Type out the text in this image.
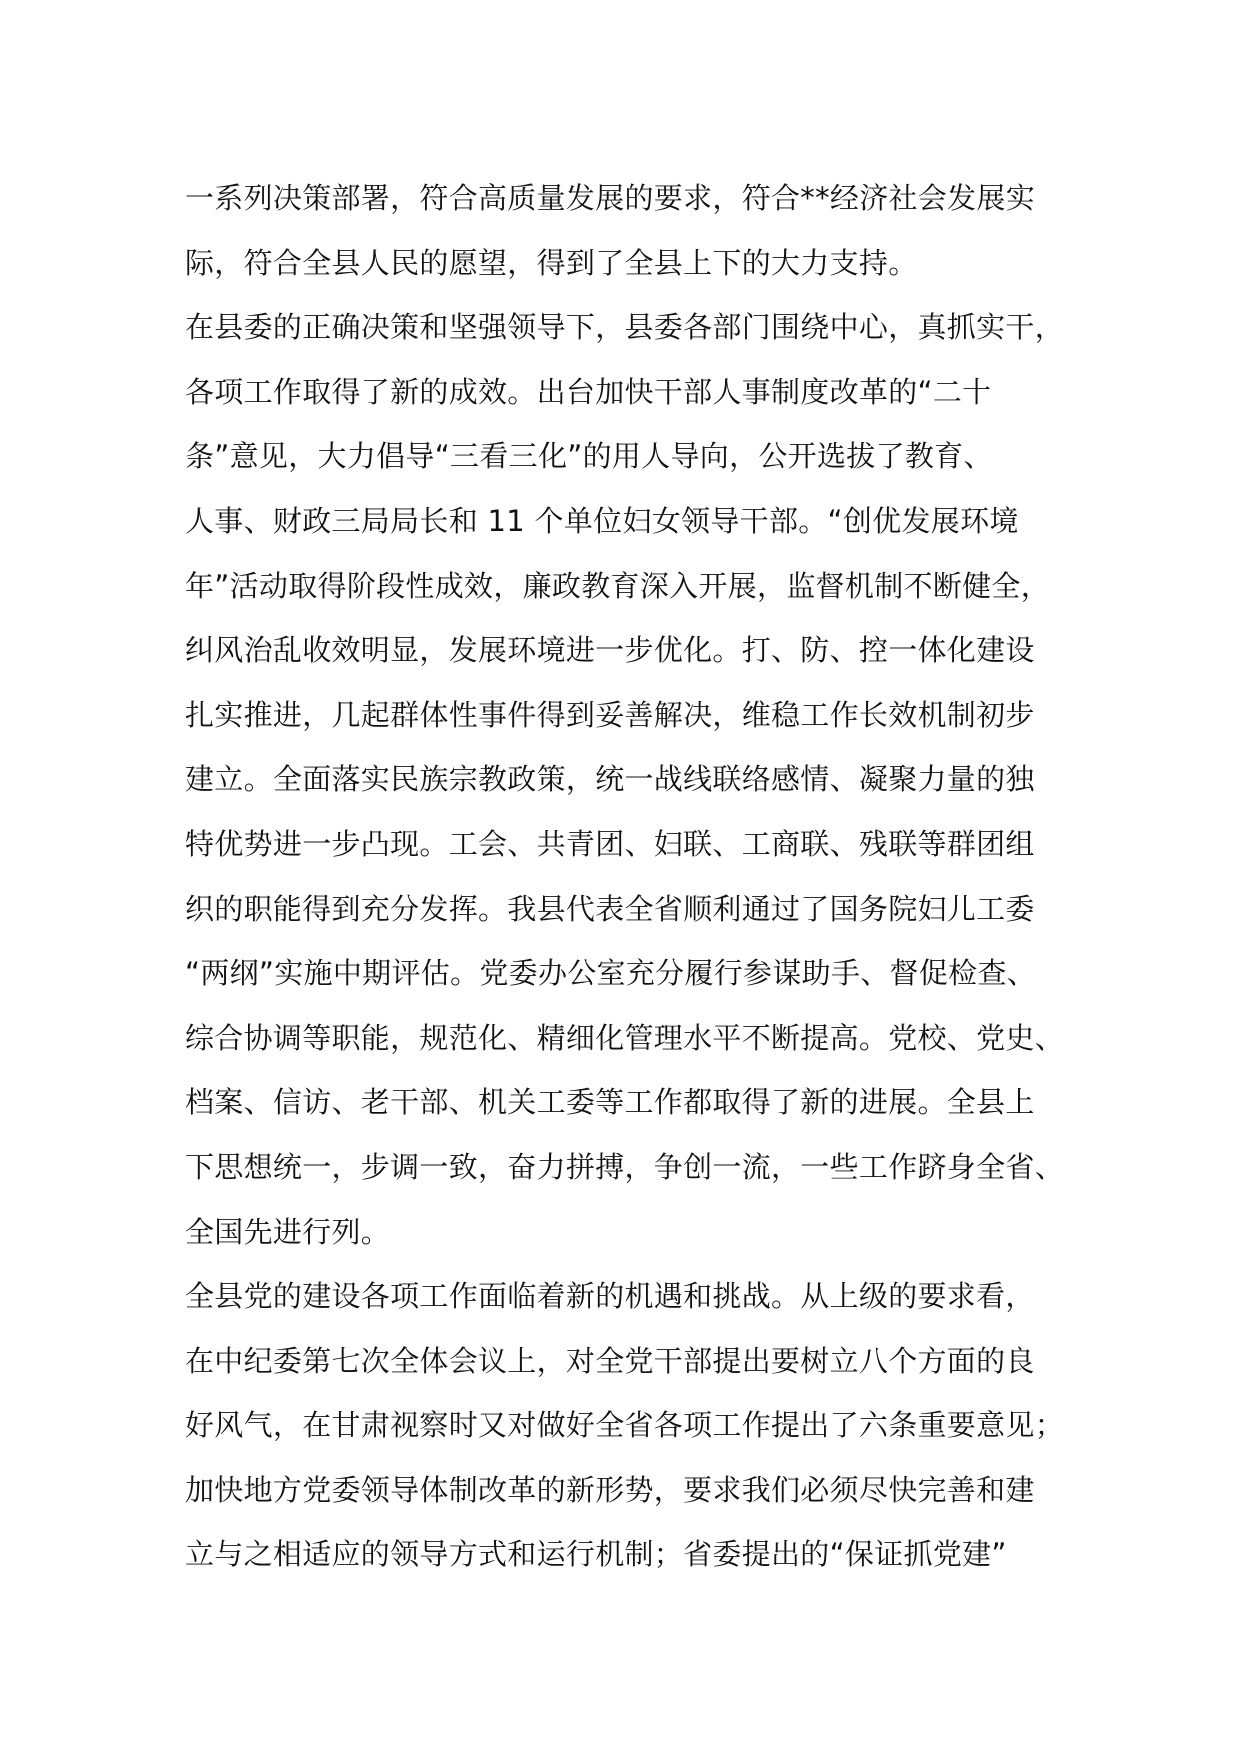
一系列决策部署，符合高质量发展的要求，符合**经济社会发展实
际，符合全县人民的愿望，得到了全县上下的大力支持。
在县委的正确决策和坚强领导下，县委各部门围绕中心，真抓实干，
各项工作取得了新的成效。出台加快干部人事制度改革的“二十
条”意见，大力倡导“三看三化”的用人导向，公开选拔了教育、
人事、财政三局局长和 11 个单位妇女领导干部。“创优发展环境
年”活动取得阶段性成效，廉政教育深入开展，监督机制不断健全，
纠风治乱收效明显，发展环境进一步优化。打、防、控一体化建设
扎实推进，几起群体性事件得到妥善解决，维稳工作长效机制初步
建立。全面落实民族宗教政策，统一战线联络感情、凝聚力量的独
特优势进一步凸现。工会、共青团、妇联、工商联、残联等群团组
织的职能得到充分发挥。我县代表全省顺利通过了国务院妇儿工委
“两纲”实施中期评估。党委办公室充分履行参谋助手、督促检查、
综合协调等职能，规范化、精细化管理水平不断提高。党校、党史、
档案、信访、老干部、机关工委等工作都取得了新的进展。全县上
下思想统一，步调一致，奋力拼搏，争创一流，一些工作跻身全省、
全国先进行列。
全县党的建设各项工作面临着新的机遇和挑战。从上级的要求看，
在中纪委第七次全体会议上，对全党干部提出要树立八个方面的良
好风气，在甘肃视察时又对做好全省各项工作提出了六条重要意见；
加快地方党委领导体制改革的新形势，要求我们必须尽快完善和建
立与之相适应的领导方式和运行机制；省委提出的“保证抓党建”
